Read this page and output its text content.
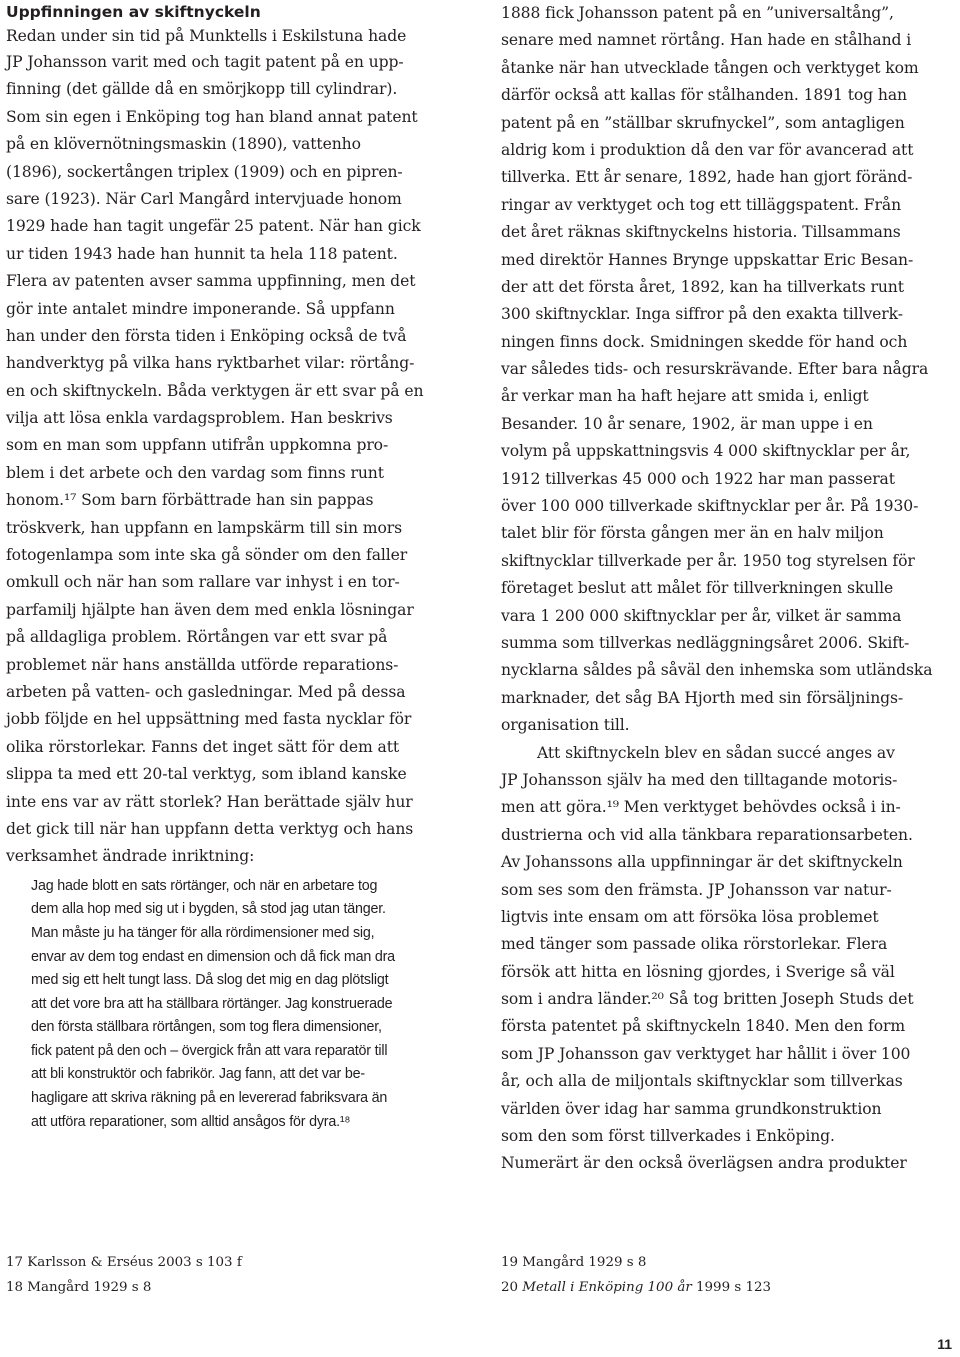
Uppfinningen av skiftnyckeln
Redan under sin tid på Munktells i Eskilstuna hade
JP Johansson varit med och tagit patent på en upp-
finning (det gällde då en smörjkopp till cylindrar).
Som sin egen i Enköping tog han bland annat patent
på en klövernötningsmaskin (1890), vattenho
(1896), sockertången triplex (1909) och en pipren-
sare (1923). När Carl Mangård intervjuade honom
1929 hade han tagit ungefär 25 patent. När han gick
ur tiden 1943 hade han hunnit ta hela 118 patent.
Flera av patenten avser samma uppfinning, men det
gör inte antalet mindre imponerande. Så uppfann
han under den första tiden i Enköping också de två
handverktyg på vilka hans ryktbarhet vilar: rörtång-
en och skiftnyckeln. Båda verktygen är ett svar på en
vilja att lösa enkla vardagsproblem. Han beskrivs
som en man som uppfann utifrån uppkomna pro-
blem i det arbete och den vardag som finns runt
honom.¹⁷ Som barn förbättrade han sin pappas
tröskverk, han uppfann en lampskärm till sin mors
fotogenlampa som inte ska gå sönder om den faller
omkull och när han som rallare var inhyst i en tor-
parfamilj hjälpte han även dem med enkla lösningar
på alldagliga problem. Rörtången var ett svar på
problemet när hans anställda utförde reparations-
arbeten på vatten- och gasledningar. Med på dessa
jobb följde en hel uppsättning med fasta nycklar för
olika rörstorlekar. Fanns det inget sätt för dem att
slippa ta med ett 20-tal verktyg, som ibland kanske
inte ens var av rätt storlek? Han berättade själv hur
det gick till när han uppfann detta verktyg och hans
verksamhet ändrade inriktning:
Jag hade blott en sats rörtänger, och när en arbetare tog
dem alla hop med sig ut i bygden, så stod jag utan tänger.
Man måste ju ha tänger för alla rördimensioner med sig,
envar av dem tog endast en dimension och då fick man dra
med sig ett helt tungt lass. Då slog det mig en dag plötsligt
att det vore bra att ha ställbara rörtänger. Jag konstruerade
den första ställbara rörtången, som tog flera dimensioner,
fick patent på den och – övergick från att vara reparatör till
att bli konstruktör och fabrikör. Jag fann, att det var be-
hagligare att skriva räkning på en levererad fabriksvara än
att utföra reparationer, som alltid ansågos för dyra.¹⁸
1888 fick Johansson patent på en ”universaltång”,
senare med namnet rörtång. Han hade en stålhand i
åtanke när han utvecklade tången och verktyget kom
därför också att kallas för stålhanden. 1891 tog han
patent på en ”ställbar skrufnyckel”, som antagligen
aldrig kom i produktion då den var för avancerad att
tillverka. Ett år senare, 1892, hade han gjort föränd-
ringar av verktyget och tog ett tilläggspatent. Från
det året räknas skiftnyckelns historia. Tillsammans
med direktör Hannes Brynge uppskattar Eric Besan-
der att det första året, 1892, kan ha tillverkats runt
300 skiftnycklar. Inga siffror på den exakta tillverk-
ningen finns dock. Smidningen skedde för hand och
var således tids- och resurskrävande. Efter bara några
år verkar man ha haft hejare att smida i, enligt
Besander. 10 år senare, 1902, är man uppe i en
volym på uppskattningsvis 4 000 skiftnycklar per år,
1912 tillverkas 45 000 och 1922 har man passerat
över 100 000 tillverkade skiftnycklar per år. På 1930-
talet blir för första gången mer än en halv miljon
skiftnycklar tillverkade per år. 1950 tog styrelsen för
företaget beslut att målet för tillverkningen skulle
vara 1 200 000 skiftnycklar per år, vilket är samma
summa som tillverkas nedläggningsåret 2006. Skift-
nycklarna såldes på såväl den inhemska som utländska
marknader, det såg BA Hjorth med sin försäljnings-
organisation till.
Att skiftnyckeln blev en sådan succé anges av
JP Johansson själv ha med den tilltagande motoris-
men att göra.¹⁹ Men verktyget behövdes också i in-
dustrierna och vid alla tänkbara reparationsarbeten.
Av Johanssons alla uppfinningar är det skiftnyckeln
som ses som den främsta. JP Johansson var natur-
ligtvis inte ensam om att försöka lösa problemet
med tänger som passade olika rörstorlekar. Flera
försök att hitta en lösning gjordes, i Sverige så väl
som i andra länder.²⁰ Så tog britten Joseph Studs det
första patentet på skiftnyckeln 1840. Men den form
som JP Johansson gav verktyget har hållit i över 100
år, och alla de miljontals skiftnycklar som tillverkas
världen över idag har samma grundkonstruktion
som den som först tillverkades i Enköping.
Numerärt är den också överlägsen andra produkter
17 Karlsson & Erséus 2003 s 103 f
18 Mangård 1929 s 8
19 Mangård 1929 s 8
20 Metall i Enköping 100 år 1999 s 123
11
